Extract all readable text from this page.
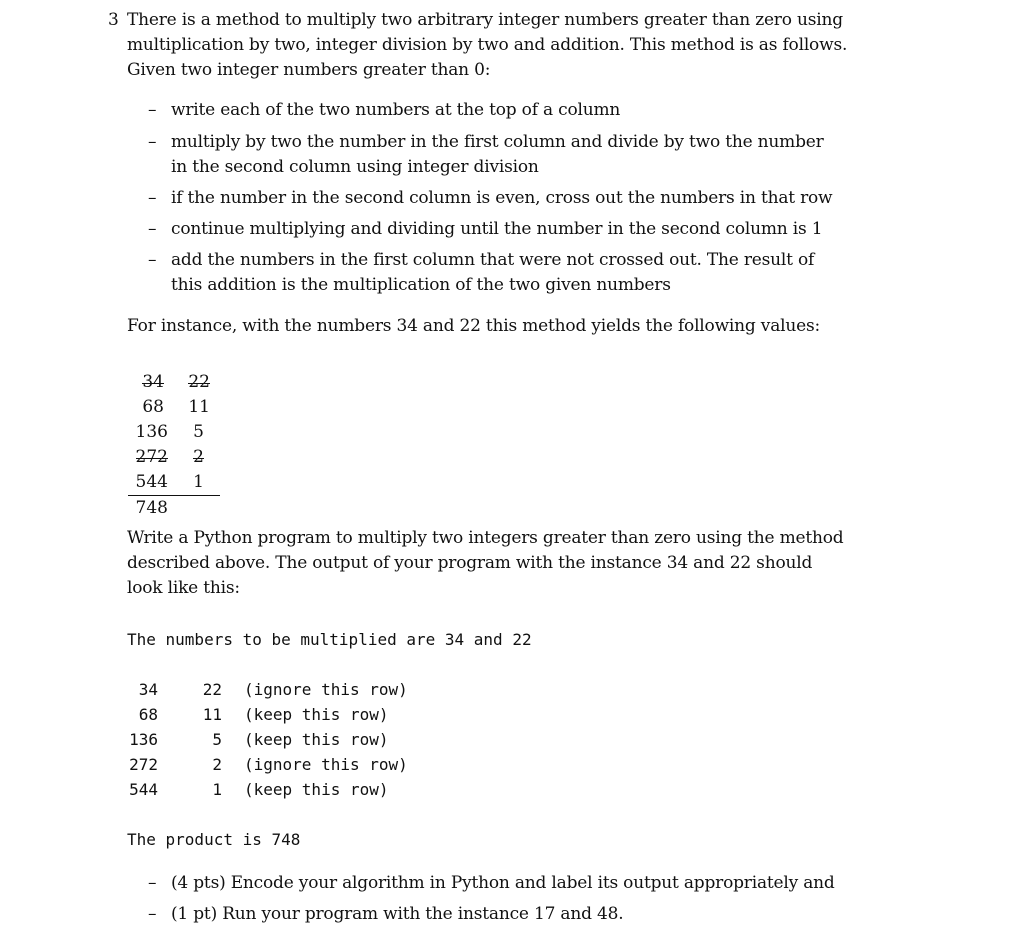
3 There is a method to multiply two arbitrary integer numbers greater than zero using
multiplication by two, integer division by two and addition. This method is as follows.
Given two integer numbers greater than 0:
– write each of the two numbers at the top of a column
– multiply by two the number in the first column and divide by two the number
in the second column using integer division
– if the number in the second column is even, cross out the numbers in that row
– continue multiplying and dividing until the number in the second column is 1
– add the numbers in the first column that were not crossed out. The result of
this addition is the multiplication of the two given numbers
For instance, with the numbers 34 and 22 this method yields the following values:
34	22
68	11
136	5
272	2
544	1
748
Write a Python program to multiply two integers greater than zero using the method
described above. The output of your program with the instance 34 and 22 should
look like this:
The numbers to be multiplied are 34 and 22
34	22 (ignore this row)
68	11 (keep this row)
136	5 (keep this row)
272	2 (ignore this row)
544	1 (keep this row)
The product is 748
– (4 pts) Encode your algorithm in Python and label its output appropriately and
– (1 pt) Run your program with the instance 17 and 48.
